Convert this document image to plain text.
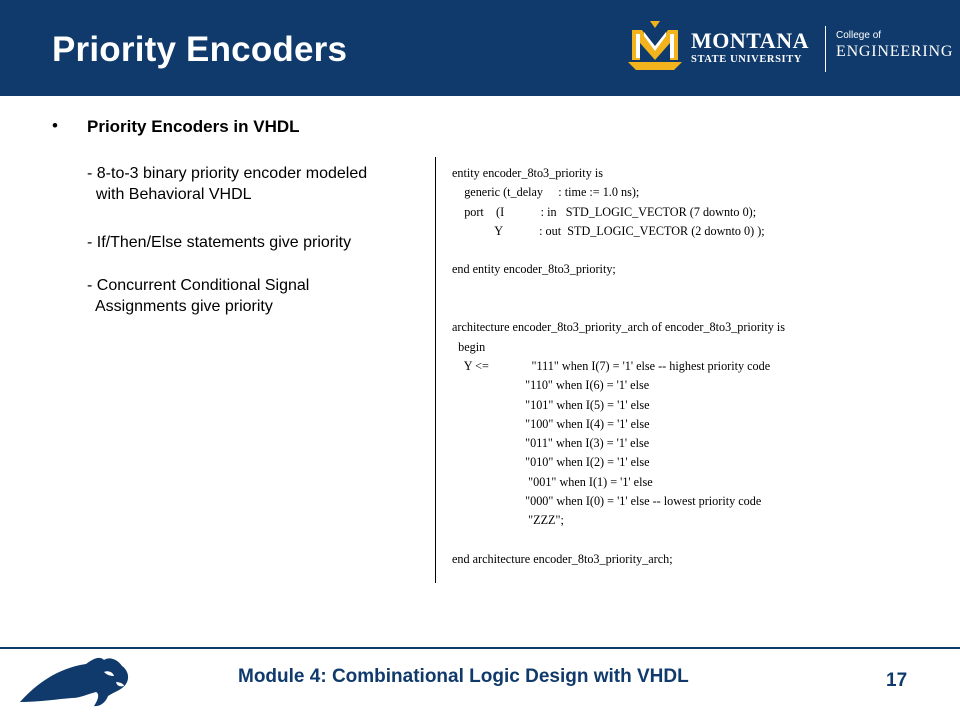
Priority Encoders	MONTANA
STATE UNIVERSITY
College of
ENGINEERING
• Priority Encoders in VHDL

- 8-to-3 binary priority encoder modeled
with Behavioral VHDL

- If/Then/Else statements give priority

- Concurrent Conditional Signal
Assignments give priority

entity encoder_8to3_priority is
generic (t_delay     : time := 1.0 ns);
port    (I            : in   STD_LOGIC_VECTOR (7 downto 0);
Y            : out  STD_LOGIC_VECTOR (2 downto 0) );

end entity encoder_8to3_priority;

architecture encoder_8to3_priority_arch of encoder_8to3_priority is
begin
Y <=              "111" when I(7) = '1' else -- highest priority code
"110" when I(6) = '1' else
"101" when I(5) = '1' else
"100" when I(4) = '1' else
"011" when I(3) = '1' else
"010" when I(2) = '1' else
"001" when I(1) = '1' else
"000" when I(0) = '1' else -- lowest priority code
"ZZZ";

end architecture encoder_8to3_priority_arch;

Module 4: Combinational Logic Design with VHDL	17
